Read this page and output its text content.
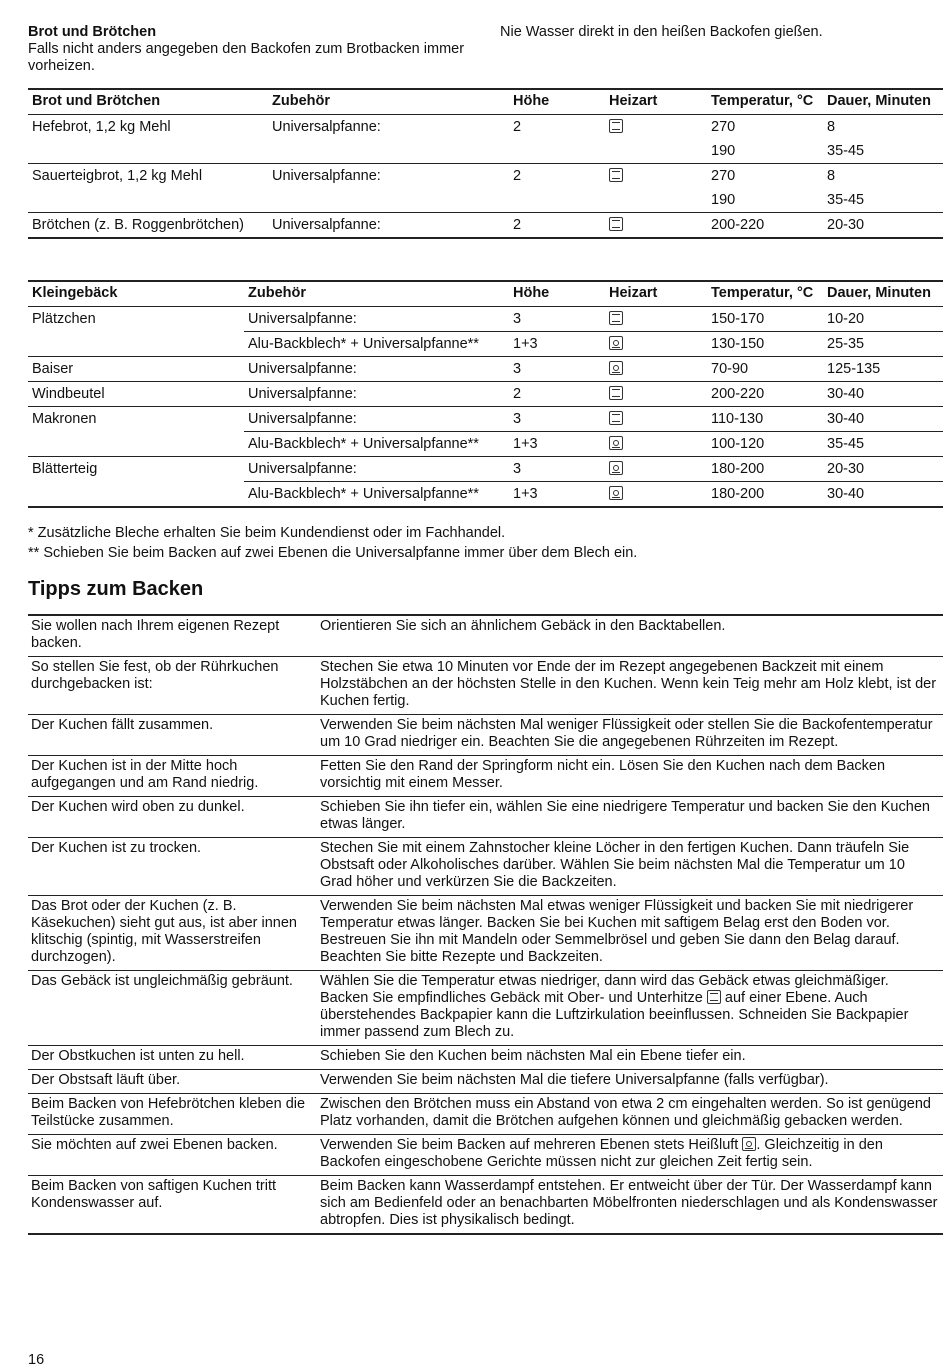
Brot und Brötchen
Falls nicht anders angegeben den Backofen zum Brotbacken immer vorheizen.
Nie Wasser direkt in den heißen Backofen gießen.
Brot und Brötchen	Zubehör	Höhe	Heizart	Temperatur, °C	Dauer, Minuten
Hefebrot, 1,2 kg Mehl	Universalpfanne:	2		270	8
				190	35-45
Sauerteigbrot, 1,2 kg Mehl	Universalpfanne:	2		270	8
				190	35-45
Brötchen (z. B. Roggenbrötchen)	Universalpfanne:	2		200-220	20-30
Kleingebäck	Zubehör	Höhe	Heizart	Temperatur, °C	Dauer, Minuten
Plätzchen	Universalpfanne:	3		150-170	10-20
	Alu-Backblech* + Universalpfanne**	1+3		130-150	25-35
Baiser	Universalpfanne:	3		70-90	125-135
Windbeutel	Universalpfanne:	2		200-220	30-40
Makronen	Universalpfanne:	3		110-130	30-40
	Alu-Backblech* + Universalpfanne**	1+3		100-120	35-45
Blätterteig	Universalpfanne:	3		180-200	20-30
	Alu-Backblech* + Universalpfanne**	1+3		180-200	30-40
* Zusätzliche Bleche erhalten Sie beim Kundendienst oder im Fachhandel.
** Schieben Sie beim Backen auf zwei Ebenen die Universalpfanne immer über dem Blech ein.
Tipps zum Backen
Sie wollen nach Ihrem eigenen Rezept backen.	Orientieren Sie sich an ähnlichem Gebäck in den Backtabellen.
So stellen Sie fest, ob der Rührkuchen durchgebacken ist:	Stechen Sie etwa 10 Minuten vor Ende der im Rezept angegebenen Backzeit mit einem Holzstäbchen an der höchsten Stelle in den Kuchen. Wenn kein Teig mehr am Holz klebt, ist der Kuchen fertig.
Der Kuchen fällt zusammen.	Verwenden Sie beim nächsten Mal weniger Flüssigkeit oder stellen Sie die Backofentemperatur um 10 Grad niedriger ein. Beachten Sie die angegebenen Rührzeiten im Rezept.
Der Kuchen ist in der Mitte hoch aufgegangen und am Rand niedrig.	Fetten Sie den Rand der Springform nicht ein. Lösen Sie den Kuchen nach dem Backen vorsichtig mit einem Messer.
Der Kuchen wird oben zu dunkel.	Schieben Sie ihn tiefer ein, wählen Sie eine niedrigere Temperatur und backen Sie den Kuchen etwas länger.
Der Kuchen ist zu trocken.	Stechen Sie mit einem Zahnstocher kleine Löcher in den fertigen Kuchen. Dann träufeln Sie Obstsaft oder Alkoholisches darüber. Wählen Sie beim nächsten Mal die Temperatur um 10 Grad höher und verkürzen Sie die Backzeiten.
Das Brot oder der Kuchen (z. B. Käsekuchen) sieht gut aus, ist aber innen klitschig (spintig, mit Wasserstreifen durchzogen).	Verwenden Sie beim nächsten Mal etwas weniger Flüssigkeit und backen Sie mit niedrigerer Temperatur etwas länger. Backen Sie bei Kuchen mit saftigem Belag erst den Boden vor. Bestreuen Sie ihn mit Mandeln oder Semmelbrösel und geben Sie dann den Belag darauf. Beachten Sie bitte Rezepte und Backzeiten.
Das Gebäck ist ungleichmäßig gebräunt.	Wählen Sie die Temperatur etwas niedriger, dann wird das Gebäck etwas gleichmäßiger. Backen Sie empfindliches Gebäck mit Ober- und Unterhitze auf einer Ebene. Auch überstehendes Backpapier kann die Luftzirkulation beeinflussen. Schneiden Sie Backpapier immer passend zum Blech zu.
Der Obstkuchen ist unten zu hell.	Schieben Sie den Kuchen beim nächsten Mal ein Ebene tiefer ein.
Der Obstsaft läuft über.	Verwenden Sie beim nächsten Mal die tiefere Universalpfanne (falls verfügbar).
Beim Backen von Hefebrötchen kleben die Teilstücke zusammen.	Zwischen den Brötchen muss ein Abstand von etwa 2 cm eingehalten werden. So ist genügend Platz vorhanden, damit die Brötchen aufgehen können und gleichmäßig gebacken werden.
Sie möchten auf zwei Ebenen backen.	Verwenden Sie beim Backen auf mehreren Ebenen stets Heißluft . Gleichzeitig in den Backofen eingeschobene Gerichte müssen nicht zur gleichen Zeit fertig sein.
Beim Backen von saftigen Kuchen tritt Kondenswasser auf.	Beim Backen kann Wasserdampf entstehen. Er entweicht über der Tür. Der Wasserdampf kann sich am Bedienfeld oder an benachbarten Möbelfronten niederschlagen und als Kondenswasser abtropfen. Dies ist physikalisch bedingt.
16
